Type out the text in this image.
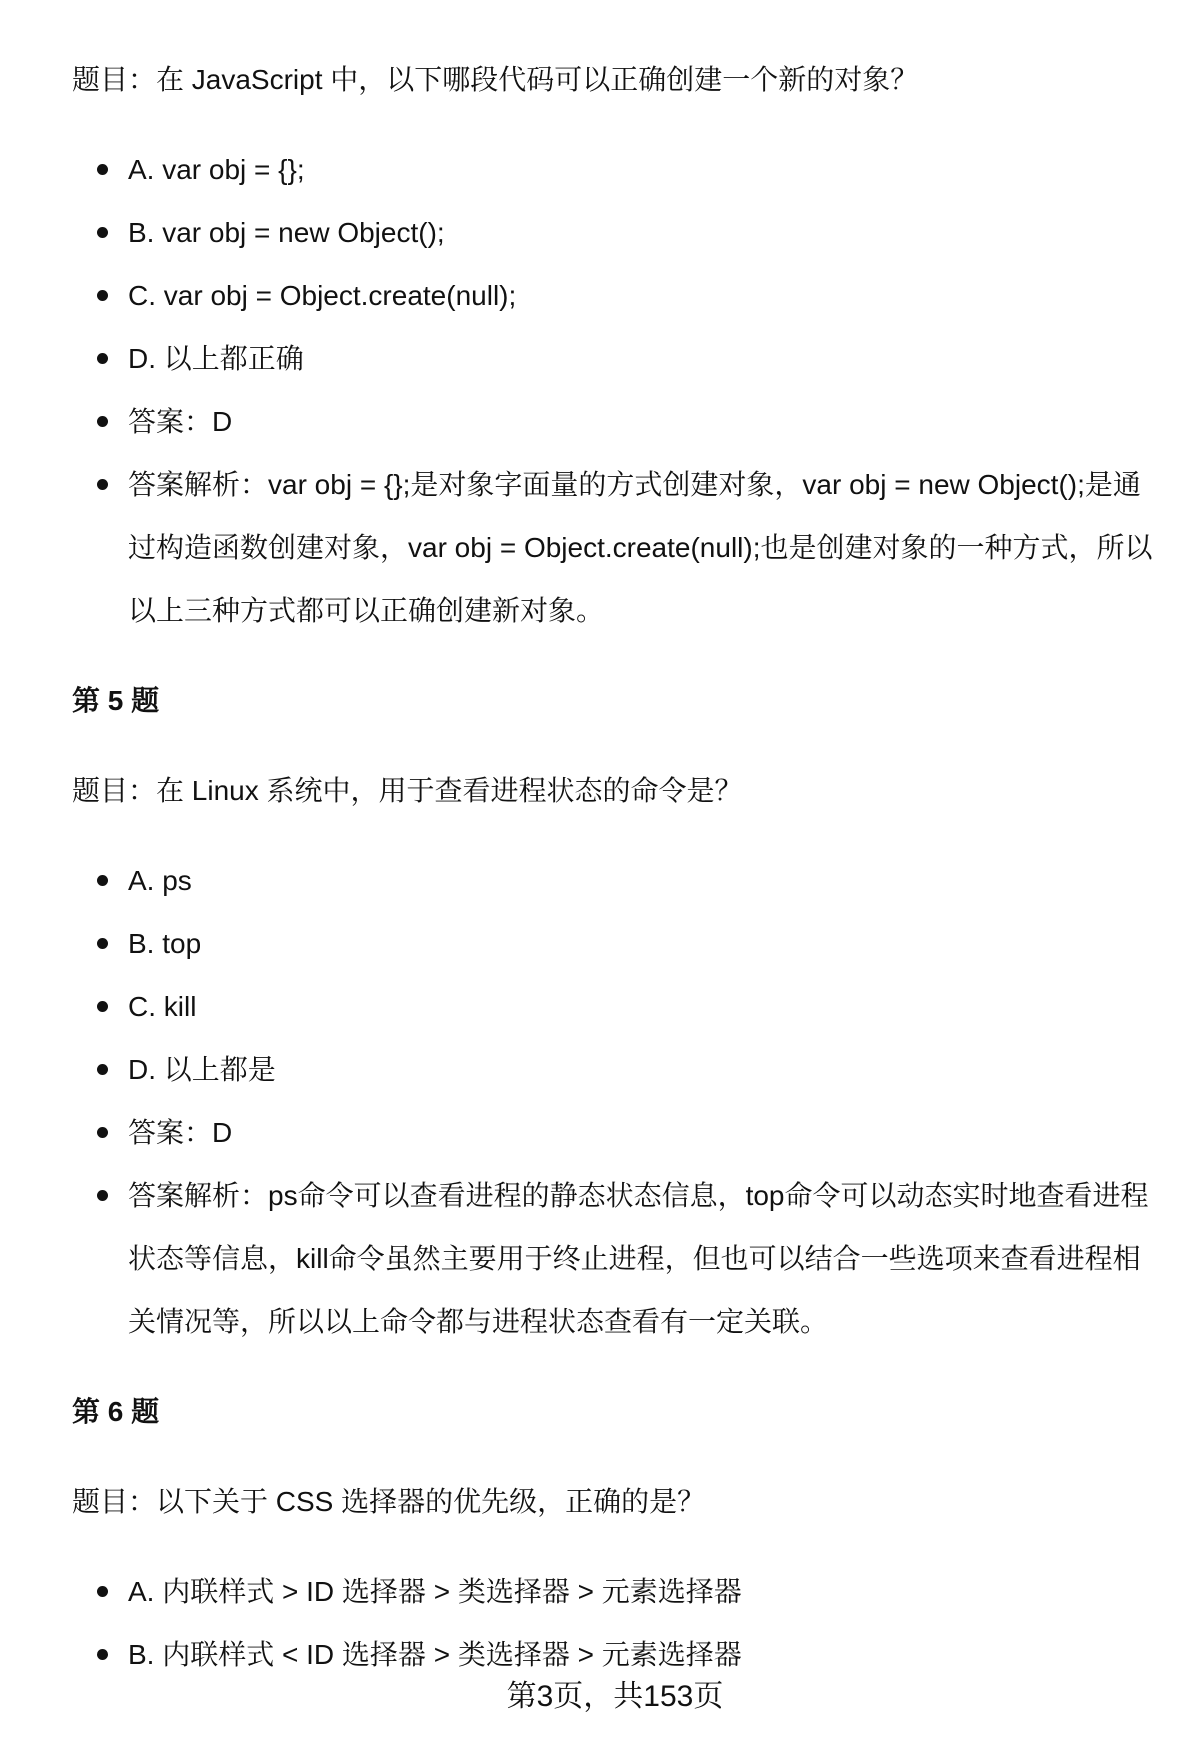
题目：在 JavaScript 中，以下哪段代码可以正确创建一个新的对象？

A. var obj = {};
B. var obj = new Object();
C. var obj = Object.create(null);
D. 以上都正确
答案：D
答案解析：var obj = {};是对象字面量的方式创建对象，var obj = new Object();是通过构造函数创建对象，var obj = Object.create(null);也是创建对象的一种方式，所以以上三种方式都可以正确创建新对象。
第 5 题

题目：在 Linux 系统中，用于查看进程状态的命令是？

A. ps
B. top
C. kill
D. 以上都是
答案：D
答案解析：ps命令可以查看进程的静态状态信息，top命令可以动态实时地查看进程状态等信息，kill命令虽然主要用于终止进程，但也可以结合一些选项来查看进程相关情况等，所以以上命令都与进程状态查看有一定关联。
第 6 题

题目：以下关于 CSS 选择器的优先级，正确的是？

A. 内联样式 > ID 选择器 > 类选择器 > 元素选择器
B. 内联样式 < ID 选择器 > 类选择器 > 元素选择器
第3页，共153页
